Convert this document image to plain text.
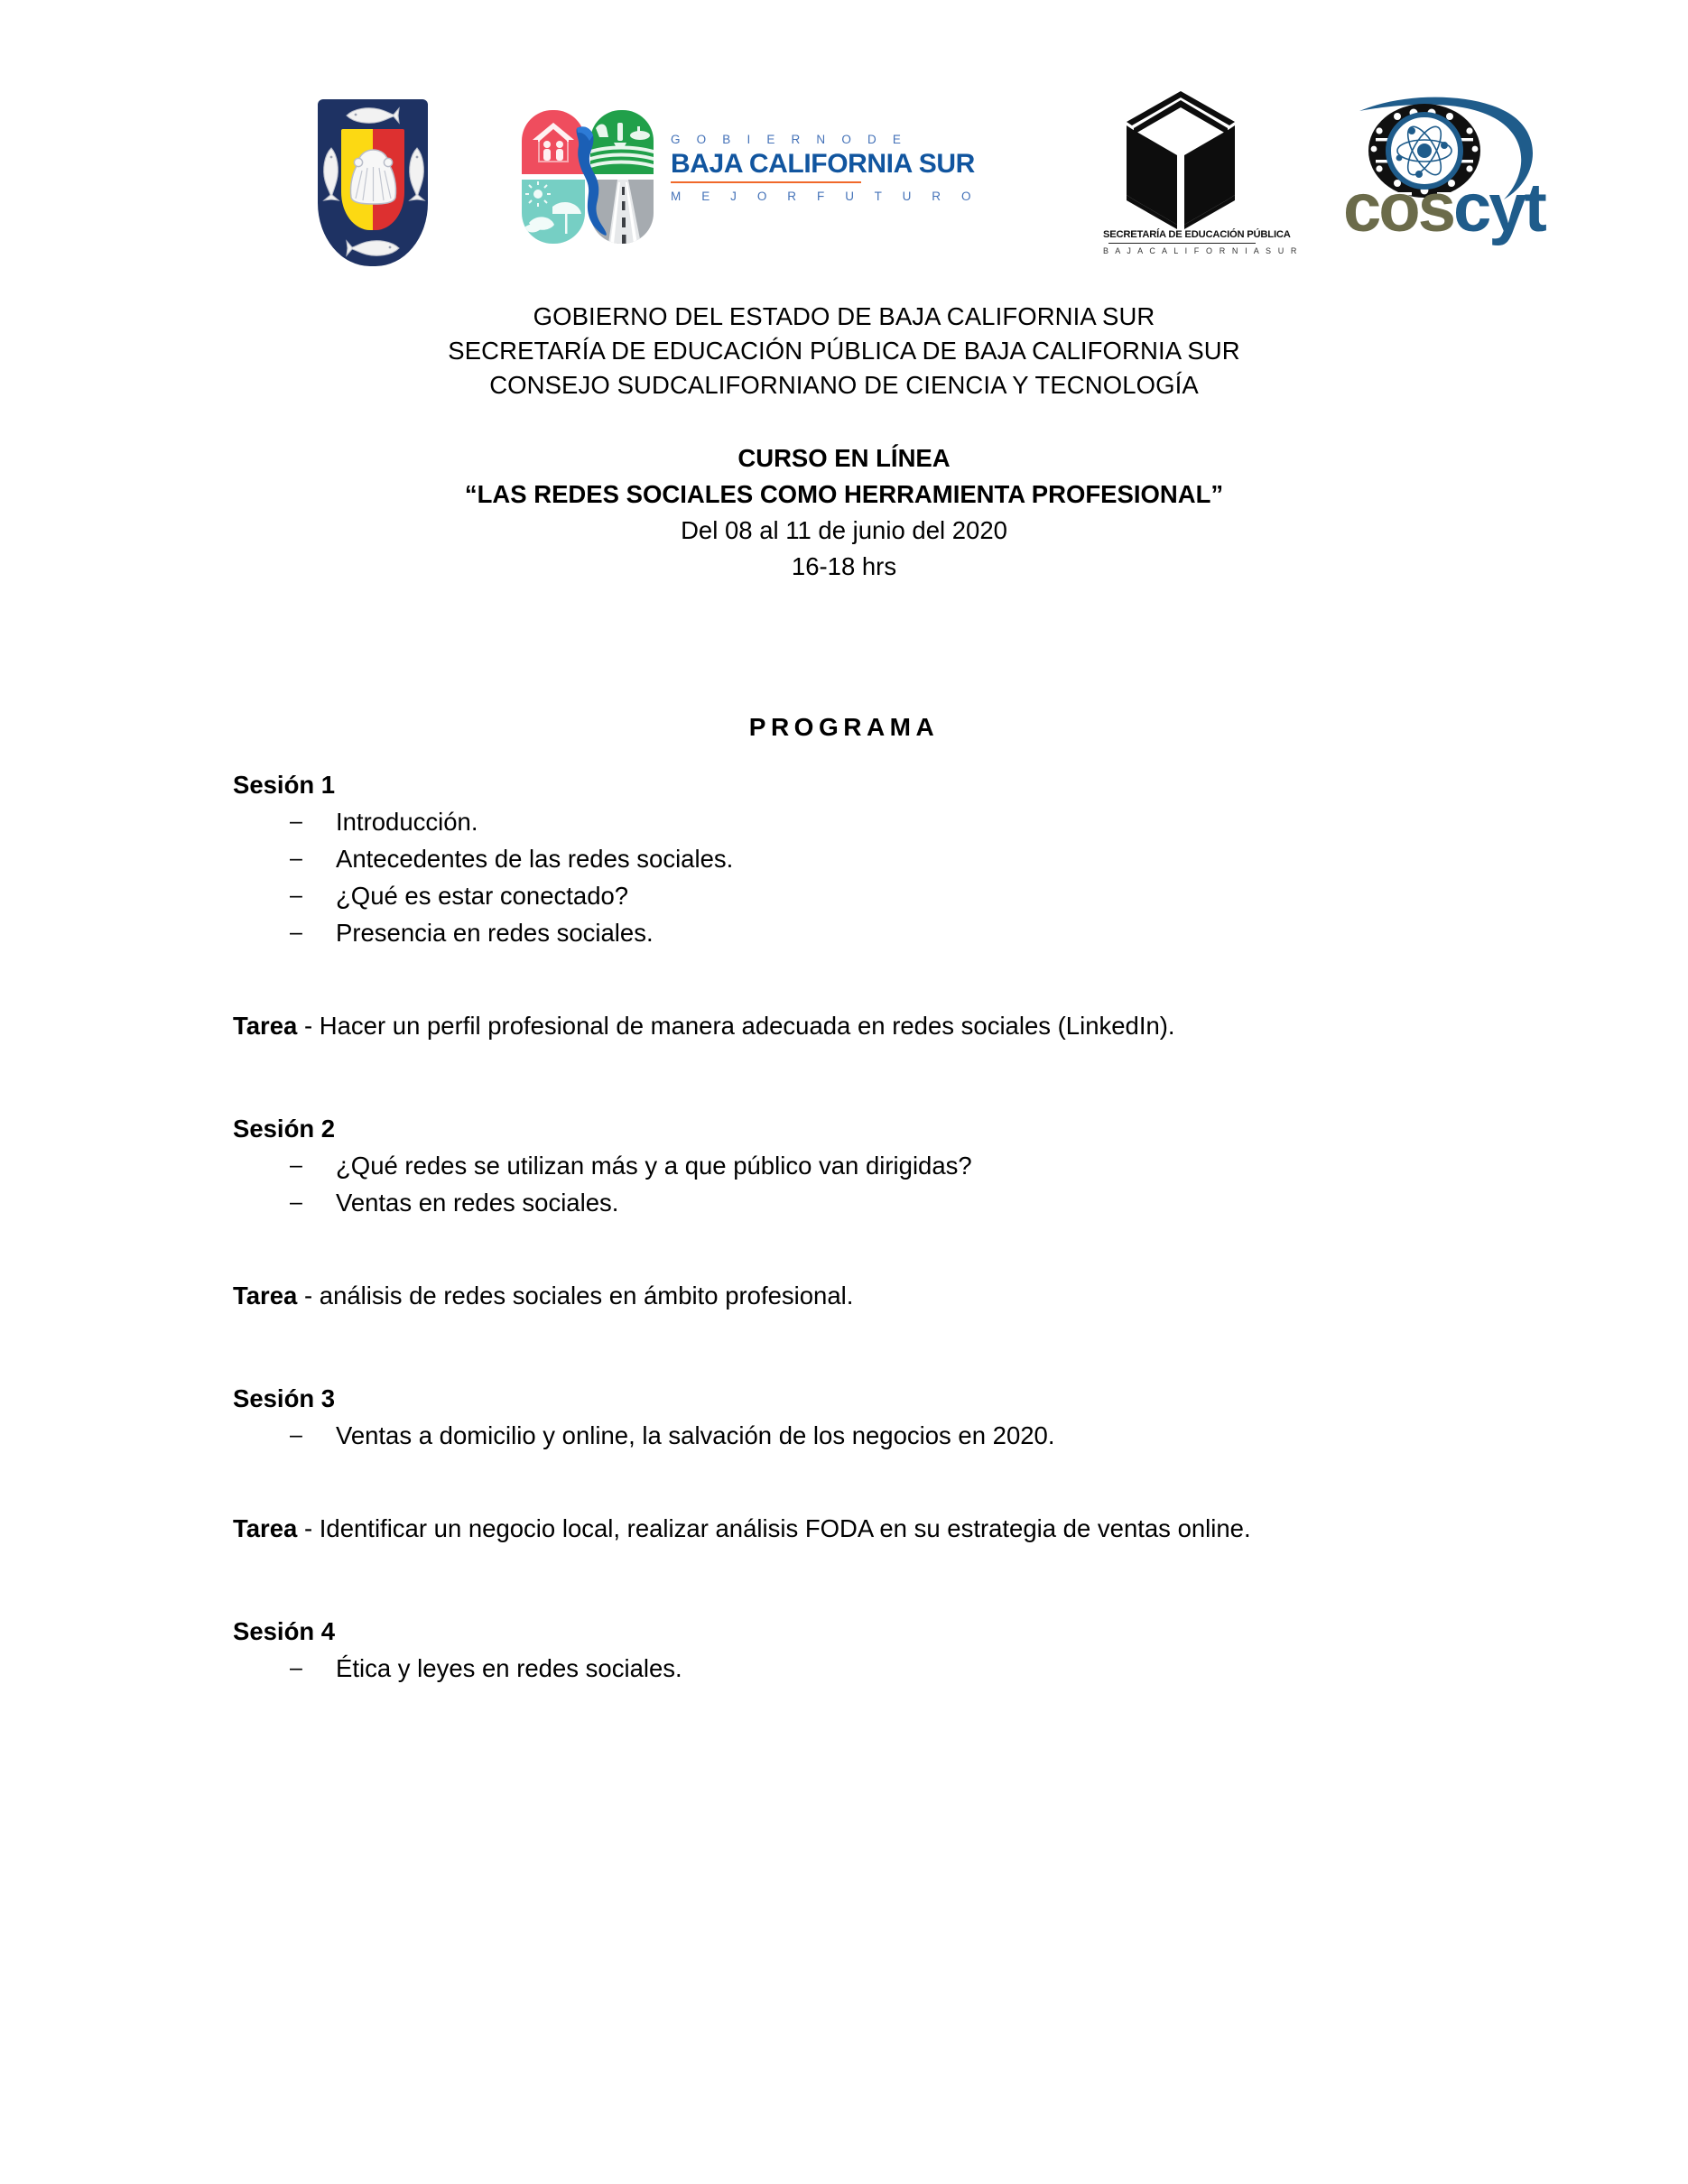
G O B I E R N O D E
BAJA CALIFORNIA SUR
M E J O R F U T U R O
SECRETARÍA DE EDUCACIÓN PÚBLICA
B A J A C A L I F O R N I A S U R
coscyt
GOBIERNO DEL ESTADO DE BAJA CALIFORNIA SUR
SECRETARÍA DE EDUCACIÓN PÚBLICA DE BAJA CALIFORNIA SUR
CONSEJO SUDCALIFORNIANO DE CIENCIA Y TECNOLOGÍA
CURSO EN LÍNEA
“LAS REDES SOCIALES COMO HERRAMIENTA PROFESIONAL”
Del 08 al 11 de junio del 2020
16-18 hrs
PROGRAMA

Sesión 1

– Introducción.
– Antecedentes de las redes sociales.
– ¿Qué es estar conectado?
– Presencia en redes sociales.

Tarea - Hacer un perfil profesional de manera adecuada en redes sociales (LinkedIn).

Sesión 2

– ¿Qué redes se utilizan más y a que público van dirigidas?
– Ventas en redes sociales.

Tarea - análisis de redes sociales en ámbito profesional.

Sesión 3

– Ventas a domicilio y online, la salvación de los negocios en 2020.

Tarea - Identificar un negocio local, realizar análisis FODA en su estrategia de ventas online.

Sesión 4

– Ética y leyes en redes sociales.
